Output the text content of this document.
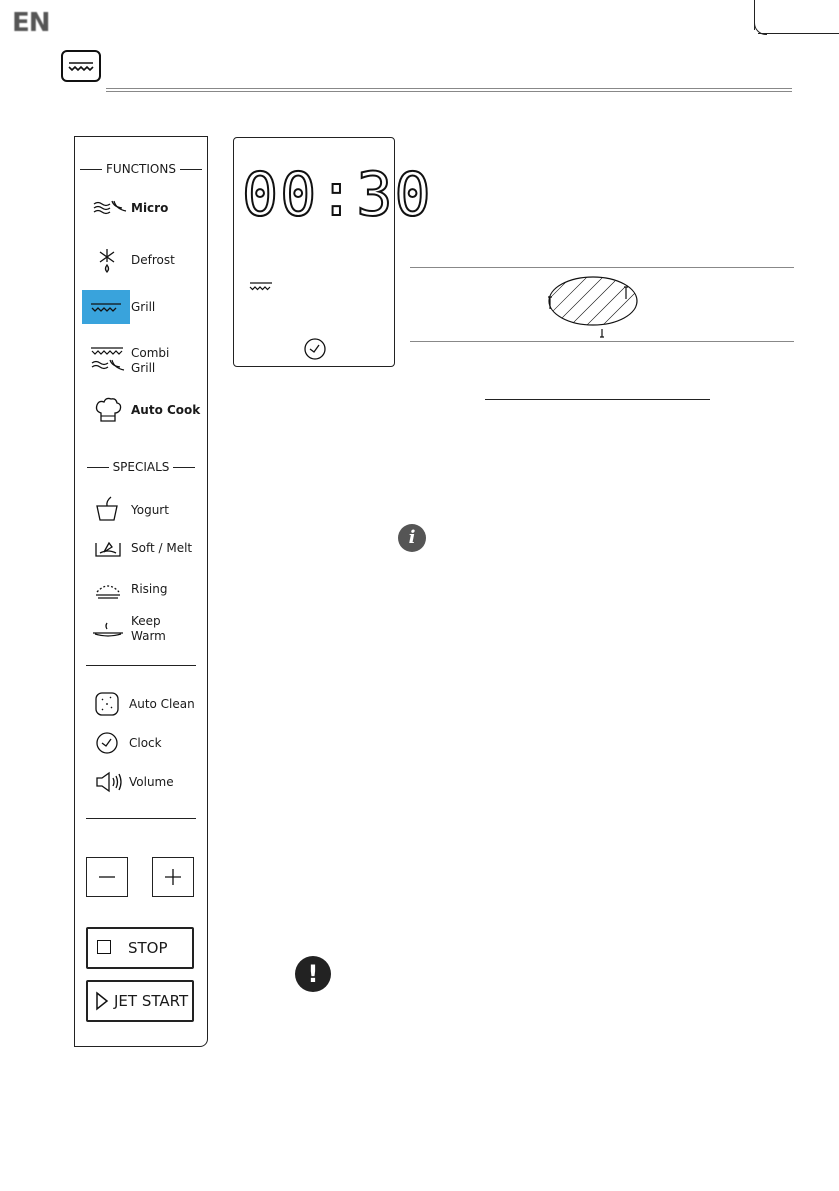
EN
FUNCTIONS
Micro
Defrost
Grill
Combi
Grill
Auto Cook
SPECIALS
Yogurt
Soft / Melt
Rising
Keep
Warm
Auto Clean
Clock
Volume
STOP
JET START
00:30
i
!
